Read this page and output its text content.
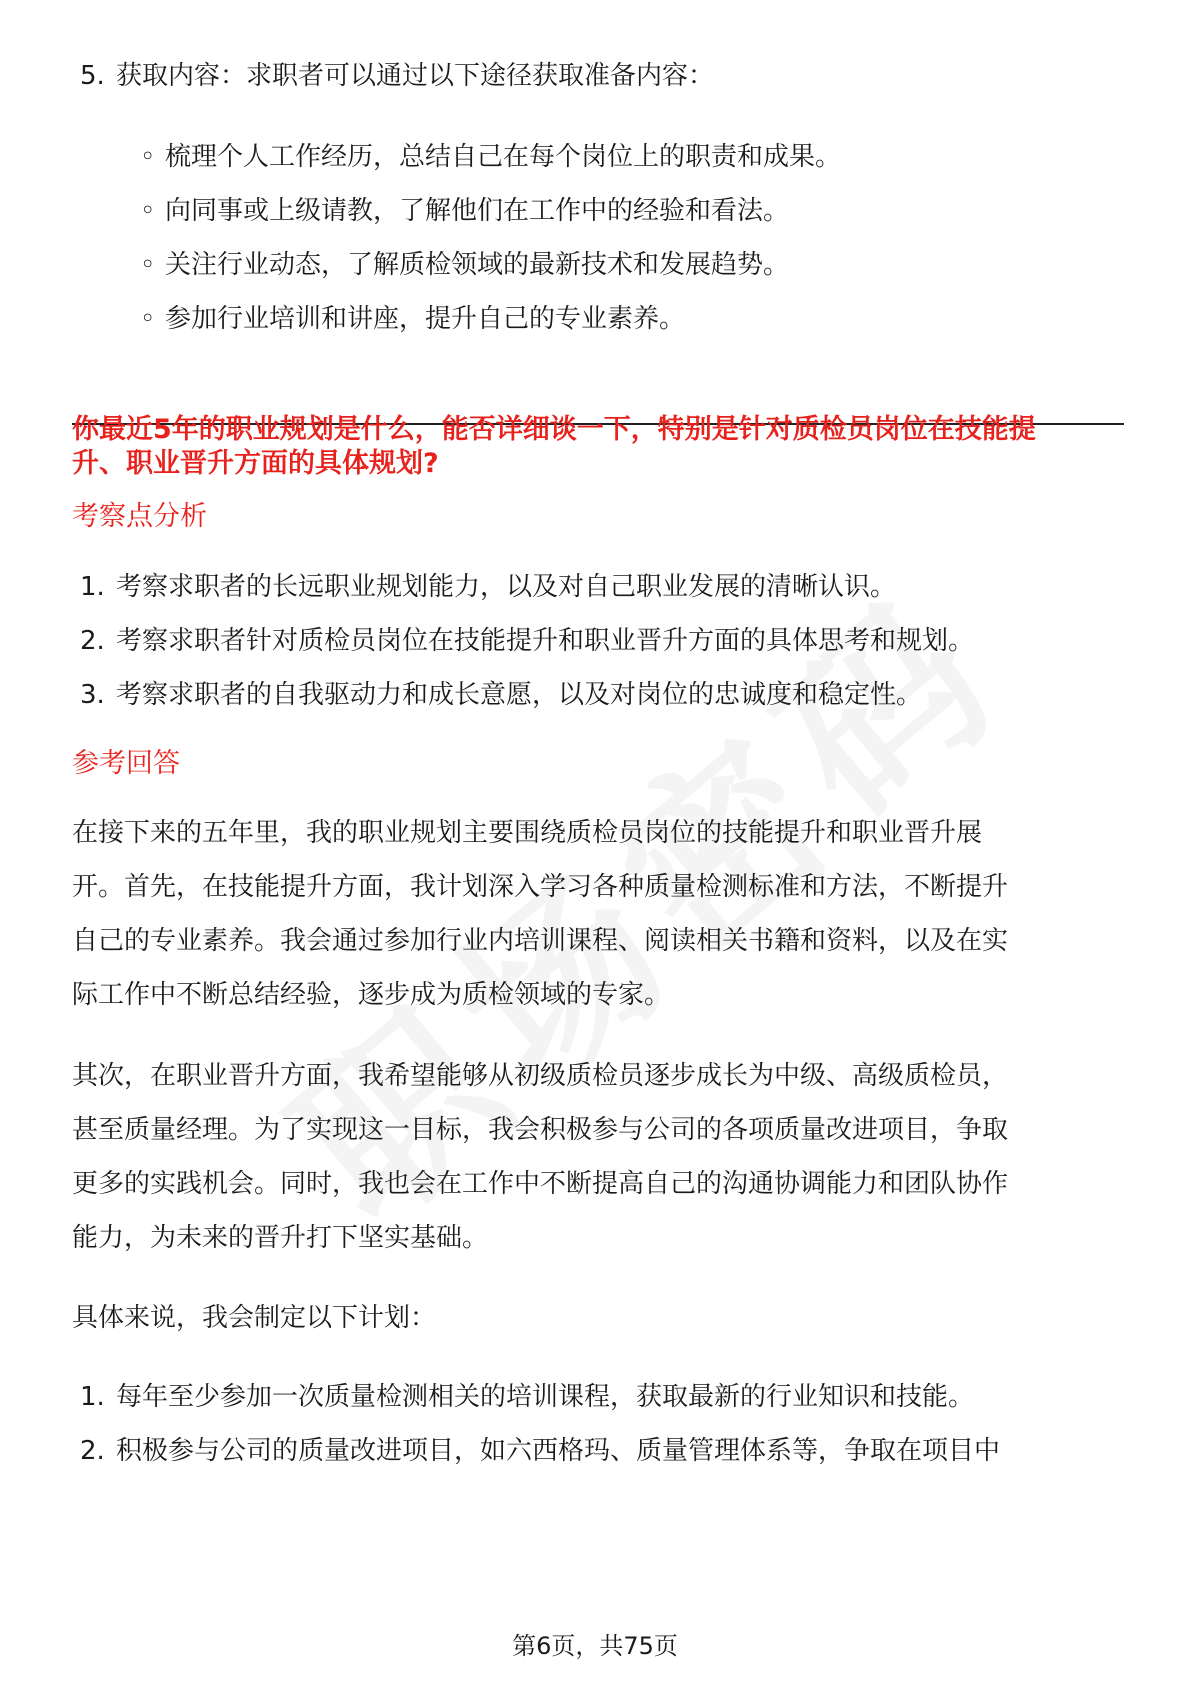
5. 获取内容：求职者可以通过以下途径获取准备内容：
◦ 梳理个人工作经历，总结自己在每个岗位上的职责和成果。
◦ 向同事或上级请教，了解他们在工作中的经验和看法。
◦ 关注行业动态，了解质检领域的最新技术和发展趋势。
◦ 参加行业培训和讲座，提升自己的专业素养。
你最近5年的职业规划是什么，能否详细谈一下，特别是针对质检员岗位在技能提
升、职业晋升方面的具体规划?
考察点分析
1. 考察求职者的长远职业规划能力，以及对自己职业发展的清晰认识。
2. 考察求职者针对质检员岗位在技能提升和职业晋升方面的具体思考和规划。
3. 考察求职者的自我驱动力和成长意愿，以及对岗位的忠诚度和稳定性。
参考回答
在接下来的五年里，我的职业规划主要围绕质检员岗位的技能提升和职业晋升展
开。首先，在技能提升方面，我计划深入学习各种质量检测标准和方法，不断提升
自己的专业素养。我会通过参加行业内培训课程、阅读相关书籍和资料，以及在实
际工作中不断总结经验，逐步成为质检领域的专家。
其次，在职业晋升方面，我希望能够从初级质检员逐步成长为中级、高级质检员，
甚至质量经理。为了实现这一目标，我会积极参与公司的各项质量改进项目，争取
更多的实践机会。同时，我也会在工作中不断提高自己的沟通协调能力和团队协作
能力，为未来的晋升打下坚实基础。
具体来说，我会制定以下计划：
1. 每年至少参加一次质量检测相关的培训课程，获取最新的行业知识和技能。
2. 积极参与公司的质量改进项目，如六西格玛、质量管理体系等，争取在项目中
第6页，共75页
